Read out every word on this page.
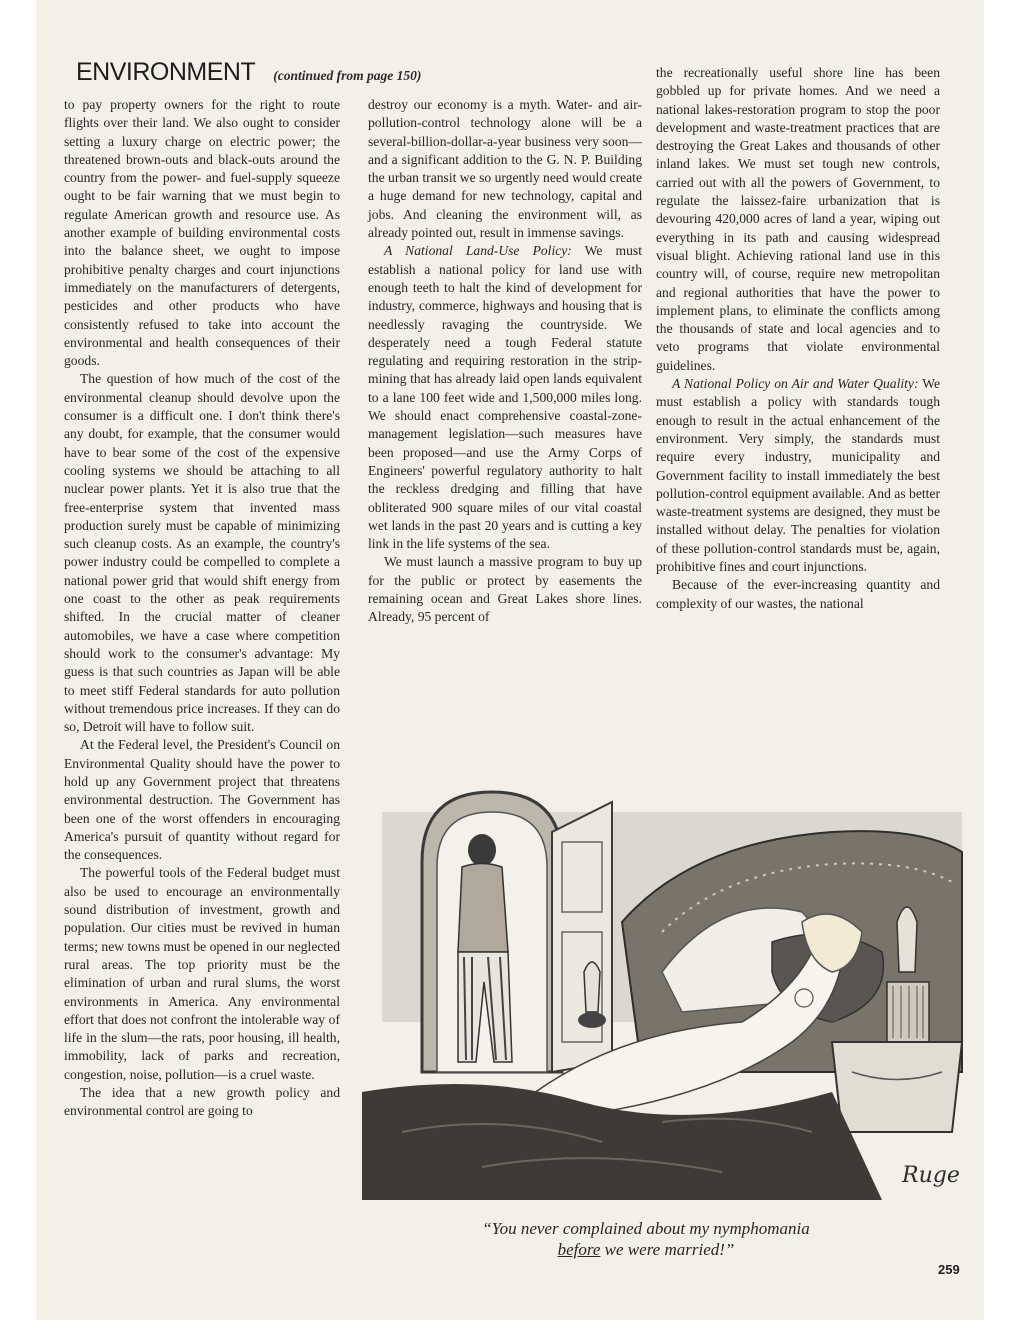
ENVIRONMENT (continued from page 150)

to pay property owners for the right to route flights over their land. We also ought to consider setting a luxury charge on electric power; the threatened brown-outs and black-outs around the country from the power- and fuel-supply squeeze ought to be fair warning that we must begin to regulate American growth and resource use. As another example of building environmental costs into the balance sheet, we ought to impose prohibitive penalty charges and court injunctions immediately on the manufacturers of detergents, pesticides and other products who have consistently refused to take into account the environmental and health consequences of their goods.

The question of how much of the cost of the environmental cleanup should devolve upon the consumer is a difficult one. I don't think there's any doubt, for example, that the consumer would have to bear some of the cost of the expensive cooling systems we should be attaching to all nuclear power plants. Yet it is also true that the free-enterprise system that invented mass production surely must be capable of minimizing such cleanup costs. As an example, the country's power industry could be compelled to complete a national power grid that would shift energy from one coast to the other as peak requirements shifted. In the crucial matter of cleaner automobiles, we have a case where competition should work to the consumer's advantage: My guess is that such countries as Japan will be able to meet stiff Federal standards for auto pollution without tremendous price increases. If they can do so, Detroit will have to follow suit.

At the Federal level, the President's Council on Environmental Quality should have the power to hold up any Government project that threatens environmental destruction. The Government has been one of the worst offenders in encouraging America's pursuit of quantity without regard for the consequences.

The powerful tools of the Federal budget must also be used to encourage an environmentally sound distribution of investment, growth and population. Our cities must be revived in human terms; new towns must be opened in our neglected rural areas. The top priority must be the elimination of urban and rural slums, the worst environments in America. Any environmental effort that does not confront the intolerable way of life in the slum—the rats, poor housing, ill health, immobility, lack of parks and recreation, congestion, noise, pollution—is a cruel waste.

The idea that a new growth policy and environmental control are going to

destroy our economy is a myth. Water- and air-pollution-control technology alone will be a several-billion-dollar-a-year business very soon—and a significant addition to the G. N. P. Building the urban transit we so urgently need would create a huge demand for new technology, capital and jobs. And cleaning the environment will, as already pointed out, result in immense savings.

A National Land-Use Policy: We must establish a national policy for land use with enough teeth to halt the kind of development for industry, commerce, highways and housing that is needlessly ravaging the countryside. We desperately need a tough Federal statute regulating and requiring restoration in the strip-mining that has already laid open lands equivalent to a lane 100 feet wide and 1,500,000 miles long. We should enact comprehensive coastal-zone-management legislation—such measures have been proposed—and use the Army Corps of Engineers' powerful regulatory authority to halt the reckless dredging and filling that have obliterated 900 square miles of our vital coastal wet lands in the past 20 years and is cutting a key link in the life systems of the sea.

We must launch a massive program to buy up for the public or protect by easements the remaining ocean and Great Lakes shore lines. Already, 95 percent of

the recreationally useful shore line has been gobbled up for private homes. And we need a national lakes-restoration program to stop the poor development and waste-treatment practices that are destroying the Great Lakes and thousands of other inland lakes. We must set tough new controls, carried out with all the powers of Government, to regulate the laissez-faire urbanization that is devouring 420,000 acres of land a year, wiping out everything in its path and causing widespread visual blight. Achieving rational land use in this country will, of course, require new metropolitan and regional authorities that have the power to implement plans, to eliminate the conflicts among the thousands of state and local agencies and to veto programs that violate environmental guidelines.

A National Policy on Air and Water Quality: We must establish a policy with standards tough enough to result in the actual enhancement of the environment. Very simply, the standards must require every industry, municipality and Government facility to install immediately the best pollution-control equipment available. And as better waste-treatment systems are designed, they must be installed without delay. The penalties for violation of these pollution-control standards must be, again, prohibitive fines and court injunctions.

Because of the ever-increasing quantity and complexity of our wastes, the national

Ruge
“You never complained about my nymphomania
before we were married!”
259
